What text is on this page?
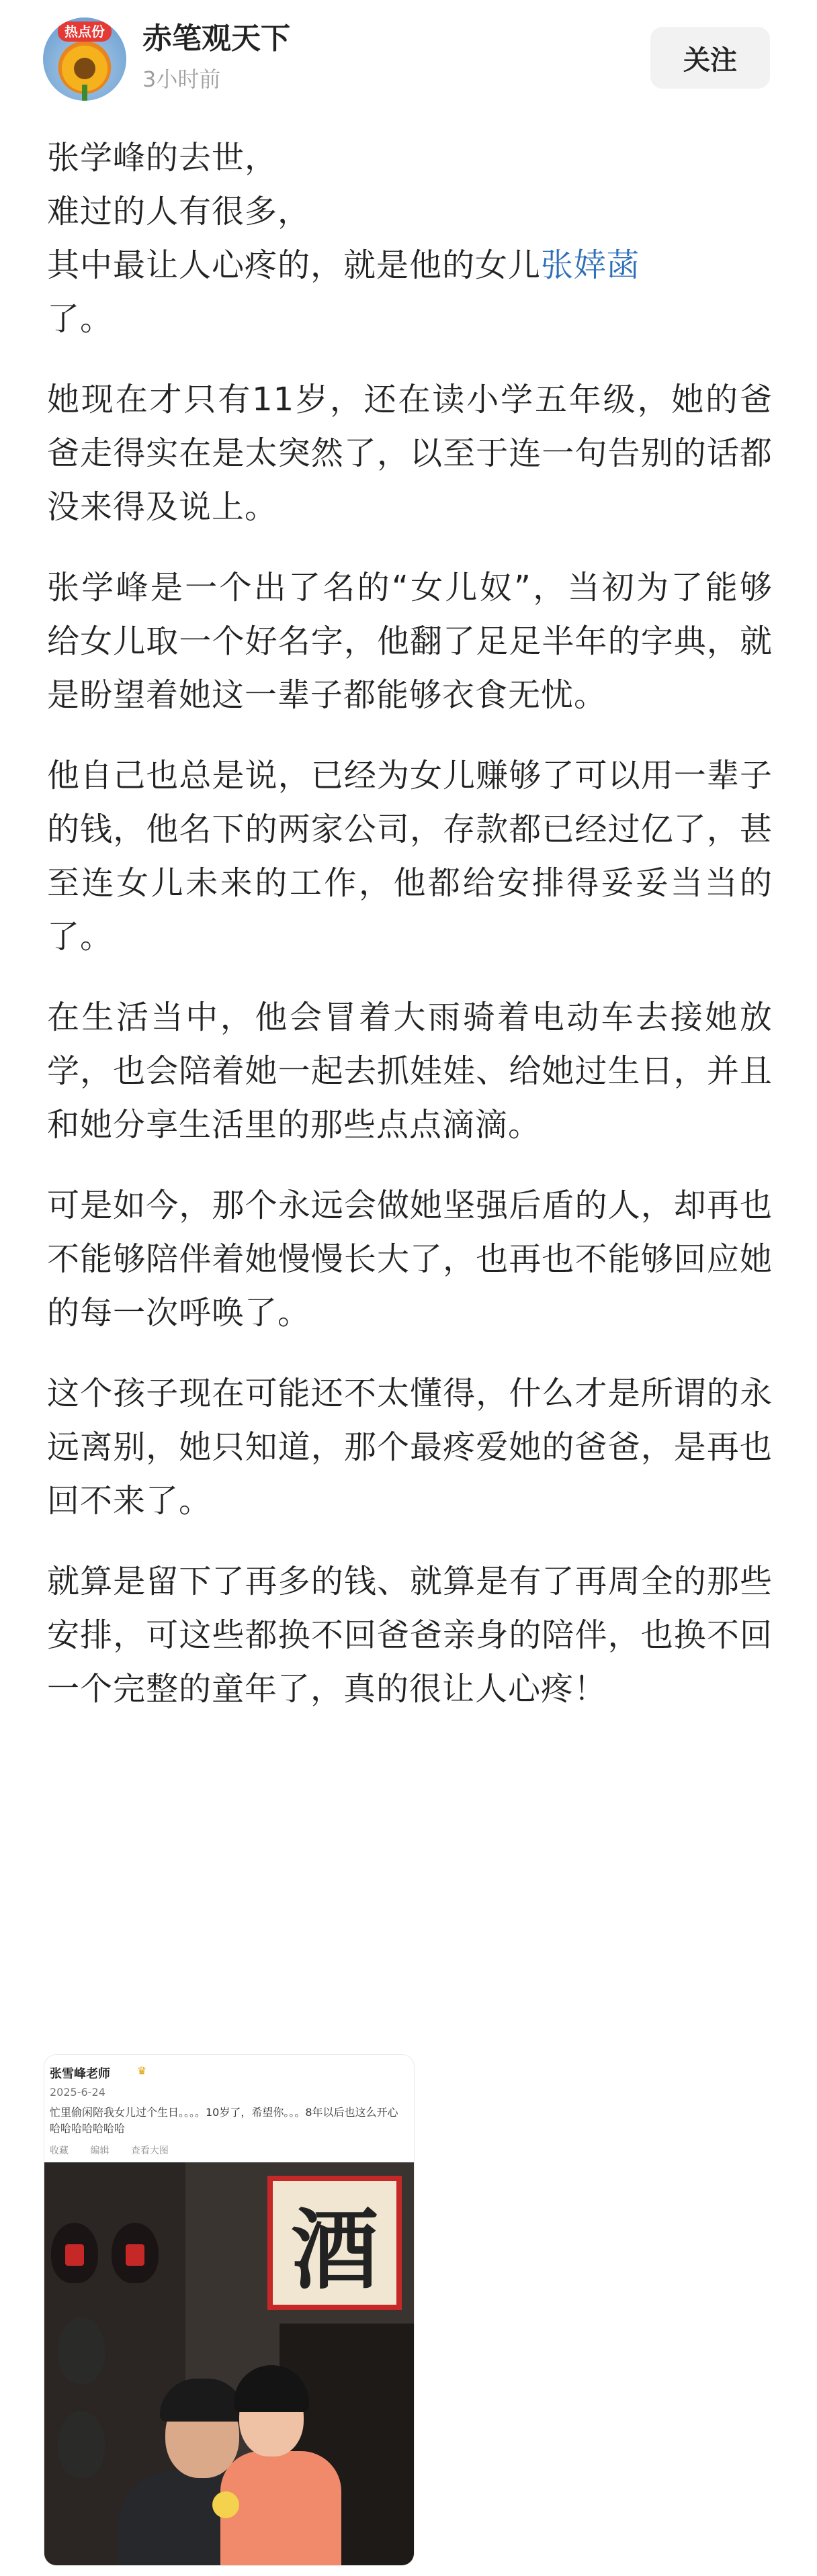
热点份 赤笔观天下
3小时前
关注

张学峰的去世，
难过的人有很多，
其中最让人心疼的，就是他的女儿张婞菡
了。

她现在才只有11岁，还在读小学五年级，她的爸爸走得实在是太突然了，以至于连一句告别的话都没来得及说上。

张学峰是一个出了名的“女儿奴”，当初为了能够给女儿取一个好名字，他翻了足足半年的字典，就是盼望着她这一辈子都能够衣食无忧。

他自己也总是说，已经为女儿赚够了可以用一辈子的钱，他名下的两家公司，存款都已经过亿了，甚至连女儿未来的工作，他都给安排得妥妥当当的了。

在生活当中，他会冒着大雨骑着电动车去接她放学，也会陪着她一起去抓娃娃、给她过生日，并且和她分享生活里的那些点点滴滴。

可是如今，那个永远会做她坚强后盾的人，却再也不能够陪伴着她慢慢长大了，也再也不能够回应她的每一次呼唤了。

这个孩子现在可能还不太懂得，什么才是所谓的永远离别，她只知道，那个最疼爱她的爸爸，是再也回不来了。

就算是留下了再多的钱、就算是有了再周全的那些安排，可这些都换不回爸爸亲身的陪伴，也换不回一个完整的童年了，真的很让人心疼！

张雪峰老师	♛
2025-6-24
忙里偷闲陪我女儿过个生日。。。。10岁了，希望你。。。8年以后也这么开心哈哈哈哈哈哈哈
收藏 编辑 查看大图
酒
